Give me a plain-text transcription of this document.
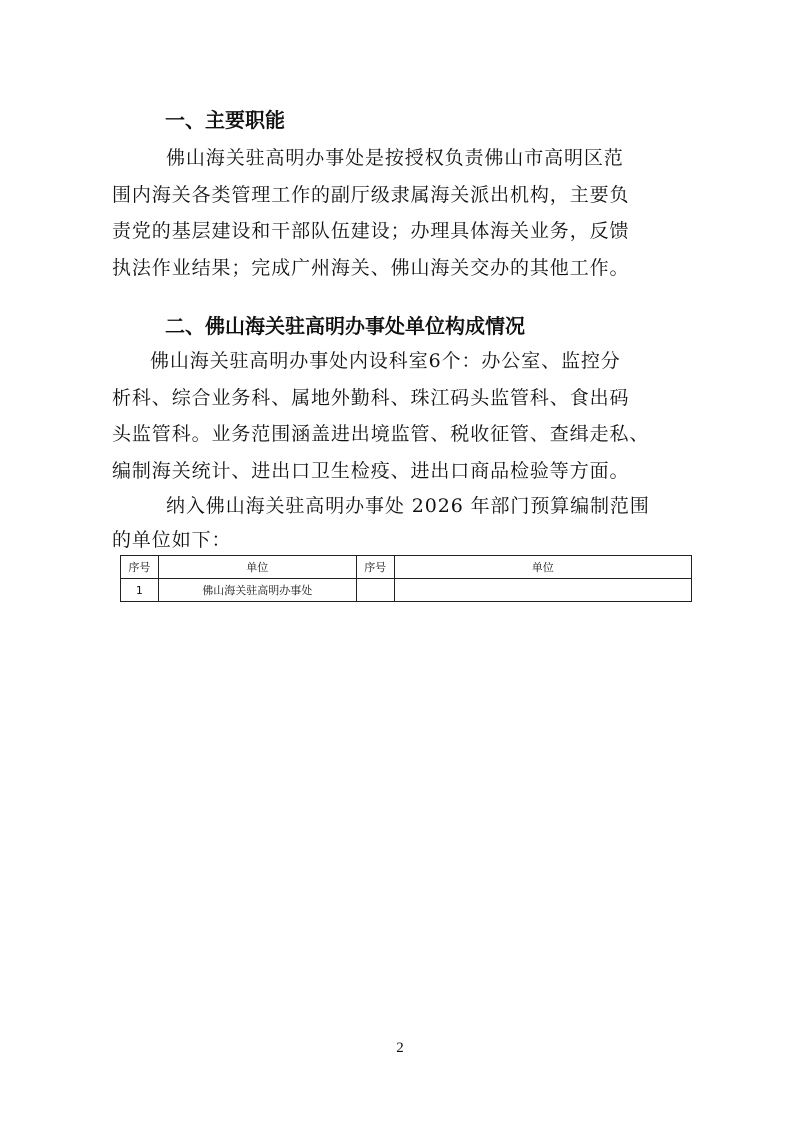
一、主要职能
佛山海关驻高明办事处是按授权负责佛山市高明区范
围内海关各类管理工作的副厅级隶属海关派出机构，主要负
责党的基层建设和干部队伍建设；办理具体海关业务，反馈
执法作业结果；完成广州海关、佛山海关交办的其他工作。
二、佛山海关驻高明办事处单位构成情况
佛山海关驻高明办事处内设科室6个：办公室、监控分
析科、综合业务科、属地外勤科、珠江码头监管科、食出码
头监管科。业务范围涵盖进出境监管、税收征管、查缉走私、
编制海关统计、进出口卫生检疫、进出口商品检验等方面。
纳入佛山海关驻高明办事处 2026 年部门预算编制范围
的单位如下：
序号	单位	序号	单位
1	佛山海关驻高明办事处		
2
